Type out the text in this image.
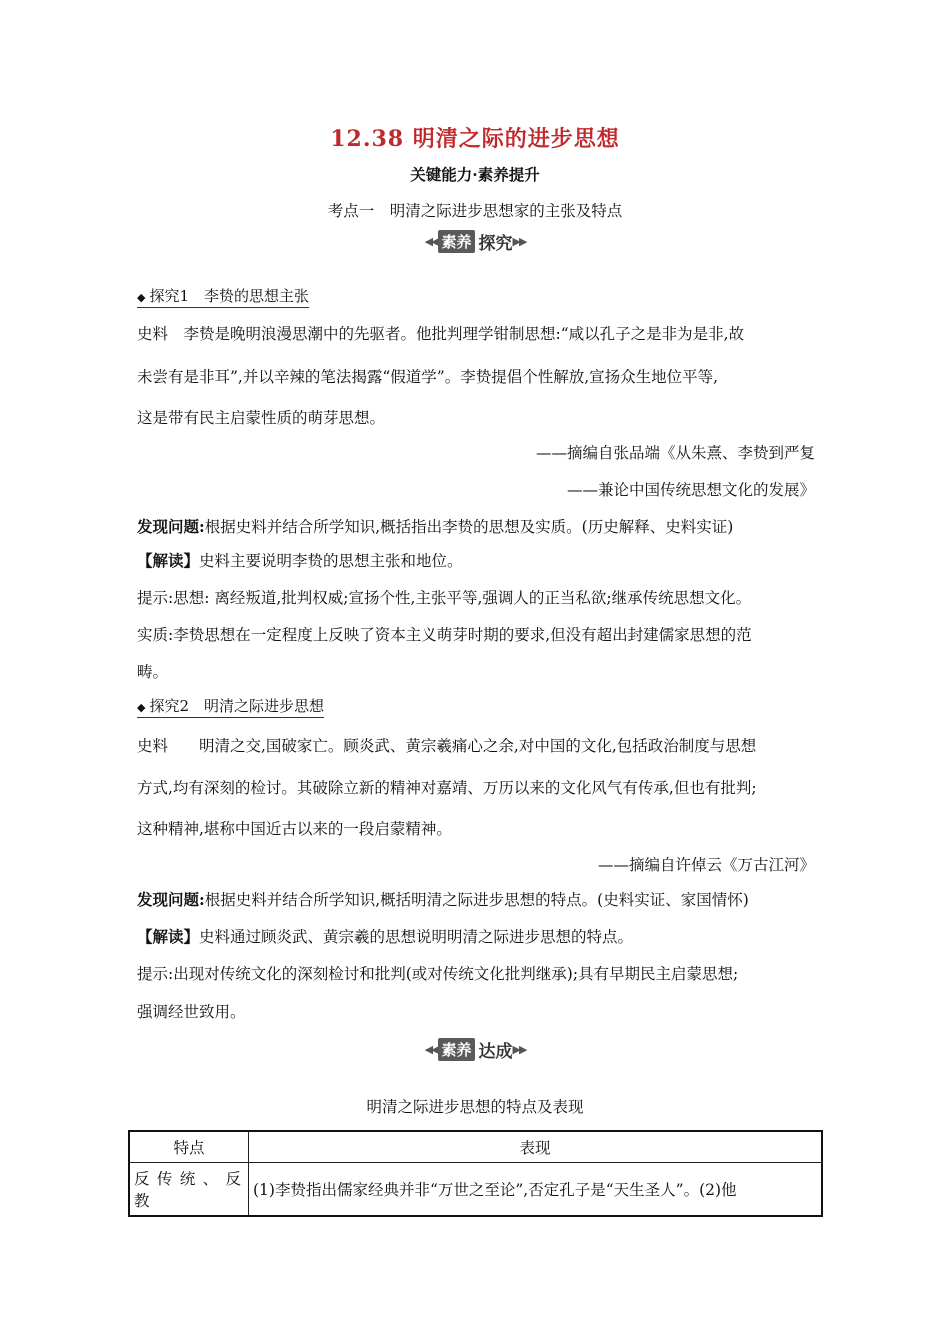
12.38 明清之际的进步思想
关键能力·素养提升
考点一　明清之际进步思想家的主张及特点
◀◀ 素养 探究 ▶▶
◆ 探究1　李贽的思想主张
史料　李贽是晚明浪漫思潮中的先驱者。他批判理学钳制思想:“咸以孔子之是非为是非,故
未尝有是非耳”,并以辛辣的笔法揭露“假道学”。李贽提倡个性解放,宣扬众生地位平等,
这是带有民主启蒙性质的萌芽思想。
——摘编自张品端《从朱熹、李贽到严复
——兼论中国传统思想文化的发展》
发现问题:根据史料并结合所学知识,概括指出李贽的思想及实质。(历史解释、史料实证)
【解读】史料主要说明李贽的思想主张和地位。
提示:思想: 离经叛道,批判权威;宣扬个性,主张平等,强调人的正当私欲;继承传统思想文化。
实质:李贽思想在一定程度上反映了资本主义萌芽时期的要求,但没有超出封建儒家思想的范
畴。
◆ 探究2　明清之际进步思想
史料　　明清之交,国破家亡。顾炎武、黄宗羲痛心之余,对中国的文化,包括政治制度与思想
方式,均有深刻的检讨。其破除立新的精神对嘉靖、万历以来的文化风气有传承,但也有批判;
这种精神,堪称中国近古以来的一段启蒙精神。
——摘编自许倬云《万古江河》
发现问题:根据史料并结合所学知识,概括明清之际进步思想的特点。(史料实证、家国情怀)
【解读】史料通过顾炎武、黄宗羲的思想说明明清之际进步思想的特点。
提示:出现对传统文化的深刻检讨和批判(或对传统文化批判继承);具有早期民主启蒙思想;
强调经世致用。
◀◀ 素养 达成 ▶▶
明清之际进步思想的特点及表现
特点	表现
反传统、反教	(1)李贽指出儒家经典并非“万世之至论”,否定孔子是“天生圣人”。(2)他
